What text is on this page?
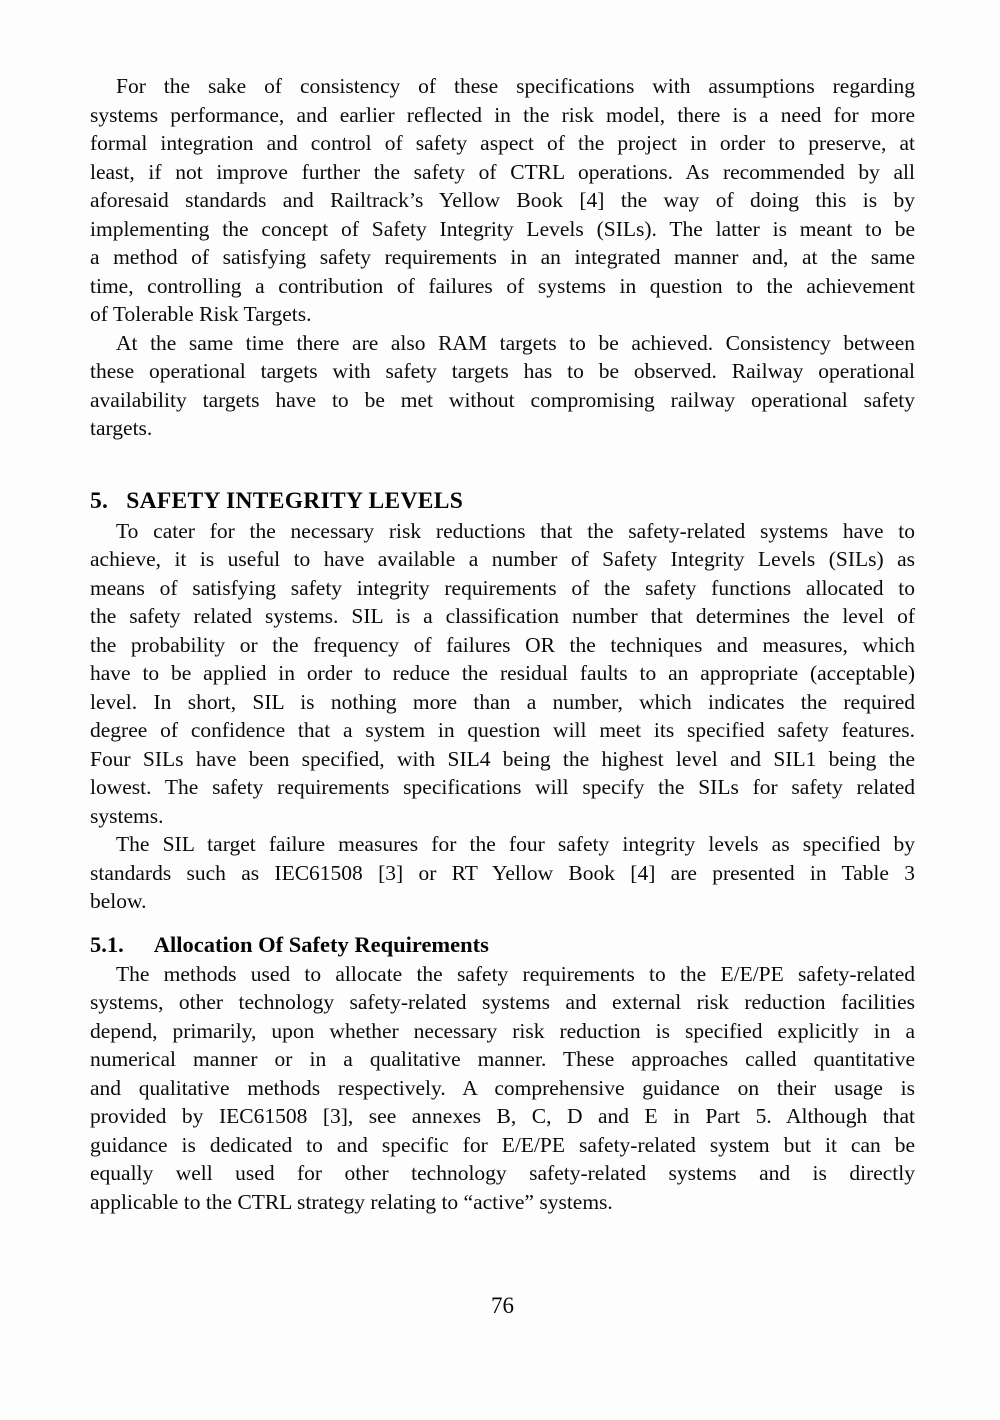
For the sake of consistency of these specifications with assumptions regarding
systems performance, and earlier reflected in the risk model, there is a need for more
formal integration and control of safety aspect of the project in order to preserve, at
least, if not improve further the safety of CTRL operations. As recommended by all
aforesaid standards and Railtrack’s Yellow Book [4] the way of doing this is by
implementing the concept of Safety Integrity Levels (SILs). The latter is meant to be
a method of satisfying safety requirements in an integrated manner and, at the same
time, controlling a contribution of failures of systems in question to the achievement
of Tolerable Risk Targets.
At the same time there are also RAM targets to be achieved. Consistency between
these operational targets with safety targets has to be observed. Railway operational
availability targets have to be met without compromising railway operational safety
targets.
5. SAFETY INTEGRITY LEVELS
To cater for the necessary risk reductions that the safety-related systems have to
achieve, it is useful to have available a number of Safety Integrity Levels (SILs) as
means of satisfying safety integrity requirements of the safety functions allocated to
the safety related systems. SIL is a classification number that determines the level of
the probability or the frequency of failures OR the techniques and measures, which
have to be applied in order to reduce the residual faults to an appropriate (acceptable)
level. In short, SIL is nothing more than a number, which indicates the required
degree of confidence that a system in question will meet its specified safety features.
Four SILs have been specified, with SIL4 being the highest level and SIL1 being the
lowest. The safety requirements specifications will specify the SILs for safety related
systems.
The SIL target failure measures for the four safety integrity levels as specified by
standards such as IEC61508 [3] or RT Yellow Book [4] are presented in Table 3
below.
5.1. Allocation Of Safety Requirements
The methods used to allocate the safety requirements to the E/E/PE safety-related
systems, other technology safety-related systems and external risk reduction facilities
depend, primarily, upon whether necessary risk reduction is specified explicitly in a
numerical manner or in a qualitative manner. These approaches called quantitative
and qualitative methods respectively. A comprehensive guidance on their usage is
provided by IEC61508 [3], see annexes B, C, D and E in Part 5. Although that
guidance is dedicated to and specific for E/E/PE safety-related system but it can be
equally well used for other technology safety-related systems and is directly
applicable to the CTRL strategy relating to “active” systems.
76
